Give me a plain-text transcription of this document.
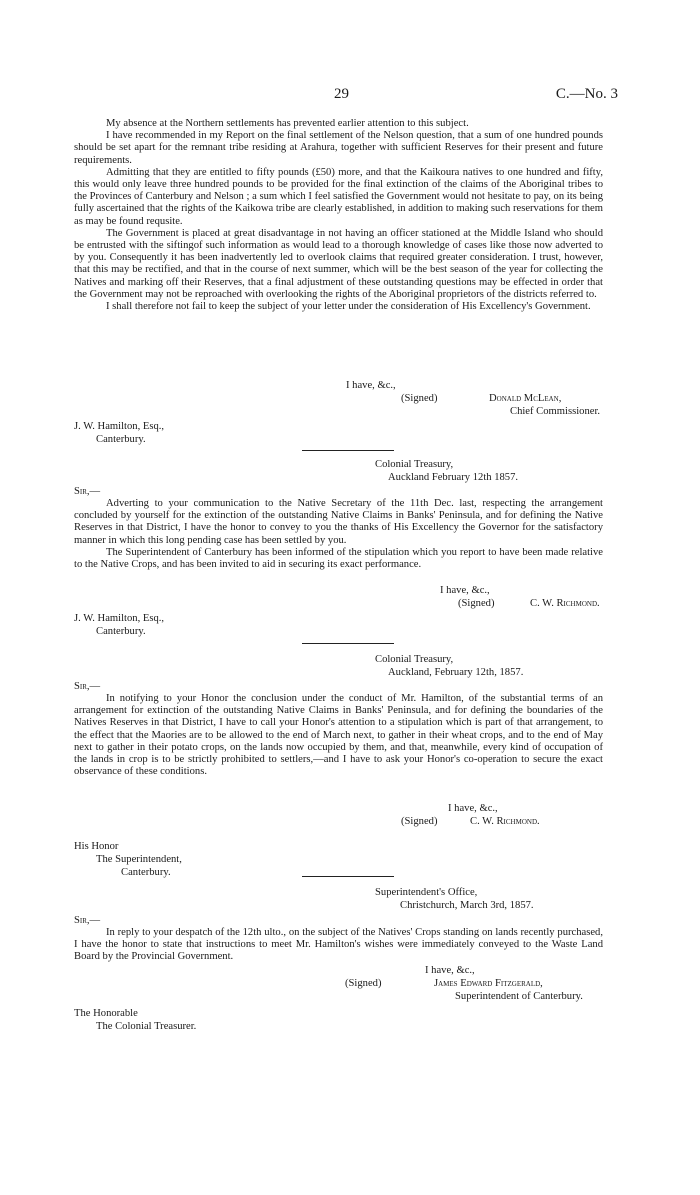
29	C.—No. 3

My absence at the Northern settlements has prevented earlier attention to this subject.

I have recommended in my Report on the final settlement of the Nelson question, that a sum of one hundred pounds should be set apart for the remnant tribe residing at Arahura, together with sufficient Reserves for their present and future requirements.

Admitting that they are entitled to fifty pounds (£50) more, and that the Kaikoura natives to one hundred and fifty, this would only leave three hundred pounds to be provided for the final extinction of the claims of the Aboriginal tribes to the Provinces of Canterbury and Nelson ; a sum which I feel satisfied the Government would not hesitate to pay, on its being fully ascertained that the rights of the Kaikowa tribe are clearly established, in addition to making such reservations for them as may be found requsite.

The Government is placed at great disadvantage in not having an officer stationed at the Middle Island who should be entrusted with the siftingof such information as would lead to a thorough knowledge of cases like those now adverted to by you. Consequently it has been inadvertently led to overlook claims that required greater consideration. I trust, however, that this may be rectified, and that in the course of next summer, which will be the best season of the year for collecting the Natives and marking off their Reserves, that a final adjustment of these outstanding questions may be effected in order that the Government may not be reproached with overlooking the rights of the Aboriginal proprietors of the districts referred to.

I shall therefore not fail to keep the subject of your letter under the consideration of His Excellency's Government.

I have, &c.,
(Signed)	Donald McLean,
Chief Commissioner.
J. W. Hamilton, Esq.,
Canterbury.
Colonial Treasury,
Auckland February 12th 1857.
Sir,—

Adverting to your communication to the Native Secretary of the 11th Dec. last, respecting the arrangement concluded by yourself for the extinction of the outstanding Native Claims in Banks' Peninsula, and for defining the Native Reserves in that District, I have the honor to convey to you the thanks of His Excellency the Governor for the satisfactory manner in which this long pending case has been settled by you.

The Superintendent of Canterbury has been informed of the stipulation which you report to have been made relative to the Native Crops, and has been invited to aid in securing its exact performance.

I have, &c.,
(Signed)	C. W. Richmond.
J. W. Hamilton, Esq.,
Canterbury.
Colonial Treasury,
Auckland, February 12th, 1857.
Sir,—

In notifying to your Honor the conclusion under the conduct of Mr. Hamilton, of the substantial terms of an arrangement for extinction of the outstanding Native Claims in Banks' Peninsula, and for defining the boundaries of the Natives Reserves in that District, I have to call your Honor's attention to a stipulation which is part of that arrangement, to the effect that the Maories are to be allowed to the end of March next, to gather in their wheat crops, and to the end of May next to gather in their potato crops, on the lands now occupied by them, and that, meanwhile, every kind of occupation of the lands in crop is to be strictly prohibited to settlers,—and I have to ask your Honor's co-operation to secure the exact observance of these conditions.

I have, &c.,
(Signed)	C. W. Richmond.
His Honor
The Superintendent,
Canterbury.
Superintendent's Office,
Christchurch, March 3rd, 1857.
Sir,—

In reply to your despatch of the 12th ulto., on the subject of the Natives' Crops standing on lands recently purchased, I have the honor to state that instructions to meet Mr. Hamilton's wishes were immediately conveyed to the Waste Land Board by the Provincial Government.

I have, &c.,
(Signed)	James Edward Fitzgerald,
Superintendent of Canterbury.
The Honorable
The Colonial Treasurer.
